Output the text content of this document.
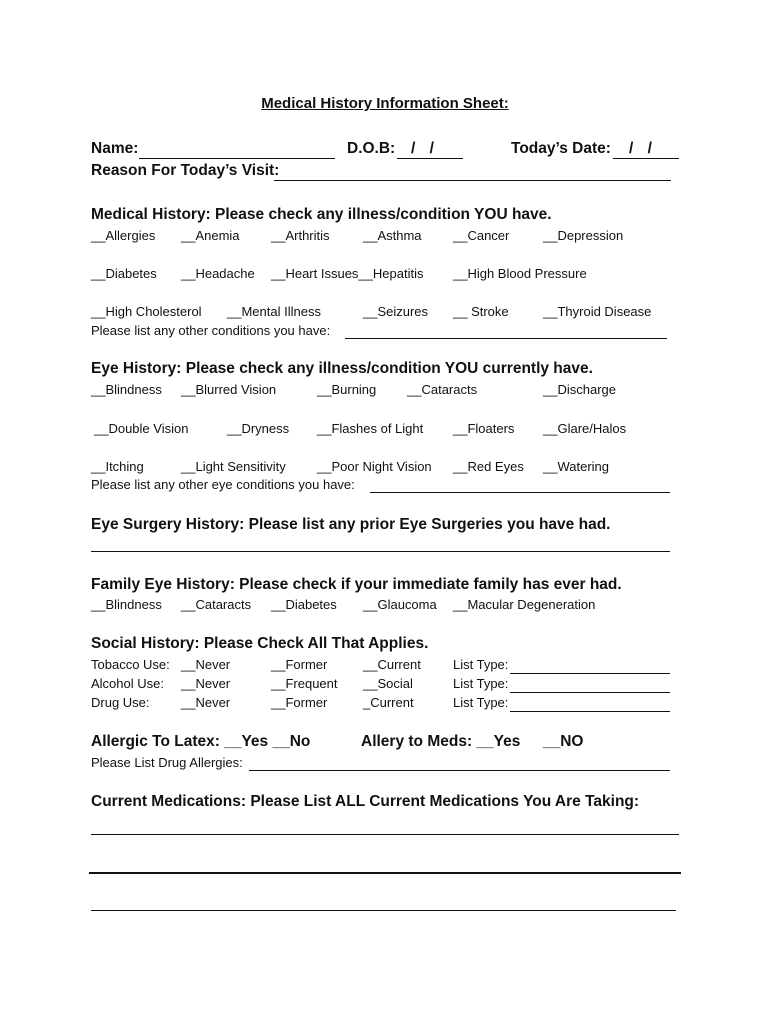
Medical History Information Sheet:
Name:	D.O.B: / /	Today’s Date: / /
Reason For Today’s Visit:
Medical History: Please check any illness/condition YOU have.
__Allergies __Anemia __Arthritis	__Asthma __Cancer	__Depression
__Diabetes __Headache __Heart Issues__Hepatitis __High Blood Pressure
__High Cholesterol __Mental Illness	__Seizures __ Stroke	__Thyroid Disease
Please list any other conditions you have:
Eye History: Please check any illness/condition YOU currently have.
__Blindness __Blurred Vision	__Burning __Cataracts	__Discharge
__Double Vision	__Dryness __Flashes of Light __Floaters __Glare/Halos
__Itching	__Light Sensitivity __Poor Night Vision __Red Eyes __Watering
Please list any other eye conditions you have:
Eye Surgery History: Please list any prior Eye Surgeries you have had.
Family Eye History: Please check if your immediate family has ever had.
__Blindness __Cataracts __Diabetes __Glaucoma __Macular Degeneration
Social History: Please Check All That Applies.
Tobacco Use: __Never	__Former	__Current List Type:
Alcohol Use: __Never	__Frequent __Social	List Type:
Drug Use: __Never	__Former	_Current	List Type:
Allergic To Latex: __Yes __No	Allery to Meds: __Yes __NO
Please List Drug Allergies:
Current Medications: Please List ALL Current Medications You Are Taking:
